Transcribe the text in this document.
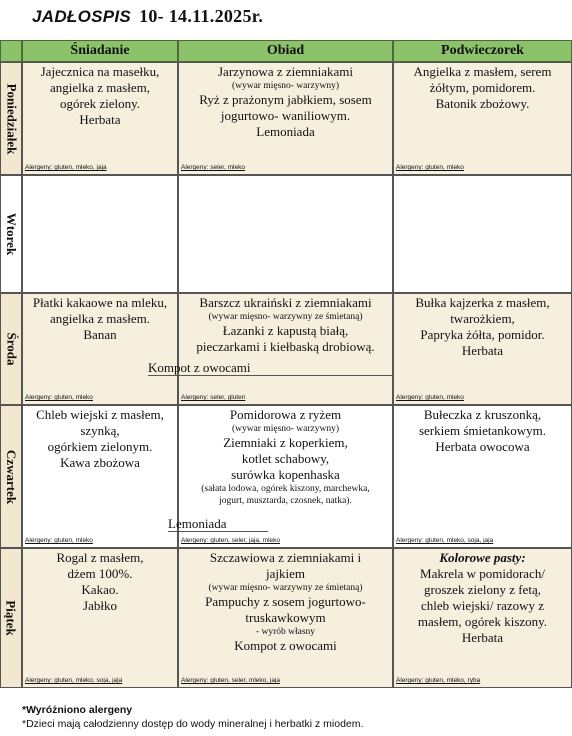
JADŁOSPIS 10- 14.11.2025r.
Śniadanie	Obiad	Podwieczorek
Poniedziałek
Jajecznica na masełku,
angielka z masłem,
ogórek zielony.
Herbata
Alergeny: gluten, mleko, jaja
Jarzynowa z ziemniakami
(wywar mięsno- warzywny)
Ryż z prażonym jabłkiem, sosem
jogurtowo- waniliowym.
Lemoniada
Alergeny: seler, mleko
Angielka z masłem, serem
żółtym, pomidorem.
Batonik zbożowy.
Alergeny: gluten, mleko
Wtorek
Środa
Płatki kakaowe na mleku,
angielka z masłem.
Banan
Alergeny: gluten, mleko
Barszcz ukraiński z ziemniakami
(wywar mięsno- warzywny ze śmietaną)
Łazanki z kapustą białą,
pieczarkami i kiełbaską drobiową.
Alergeny: seler, gluten
Kompot z owocami
Bułka kajzerka z masłem,
twarożkiem,
Papryka żółta, pomidor.
Herbata
Alergeny: gluten, mleko
Czwartek
Chleb wiejski z masłem,
szynką,
ogórkiem zielonym.
Kawa zbożowa
Alergeny: gluten, mleko
Pomidorowa z ryżem
(wywar mięsno- warzywny)
Ziemniaki z koperkiem,
kotlet schabowy,
surówka kopenhaska
(sałata lodowa, ogórek kiszony, marchewka,
jogurt, musztarda, czosnek, natka).
Alergeny: gluten, seler, jaja, mleko
Lemoniada
Bułeczka z kruszonką,
serkiem śmietankowym.
Herbata owocowa
Alergeny: gluten, mleko, soja, jaja
Piątek
Rogal z masłem,
dżem 100%.
Kakao.
Jabłko
Alergeny: gluten, mleko, soja, jaja
Szczawiowa z ziemniakami i
jajkiem
(wywar mięsno- warzywny ze śmietaną)
Pampuchy z sosem jogurtowo-
truskawkowym
- wyrób własny
Kompot z owocami
Alergeny: gluten, seler, mleko, jaja
Kolorowe pasty:
Makrela w pomidorach/
groszek zielony z fetą,
chleb wiejski/ razowy z
masłem, ogórek kiszony.
Herbata
Alergeny: gluten, mleko, ryba
*Wyróżniono alergeny
*Dzieci mają całodzienny dostęp do wody mineralnej i herbatki z miodem.
